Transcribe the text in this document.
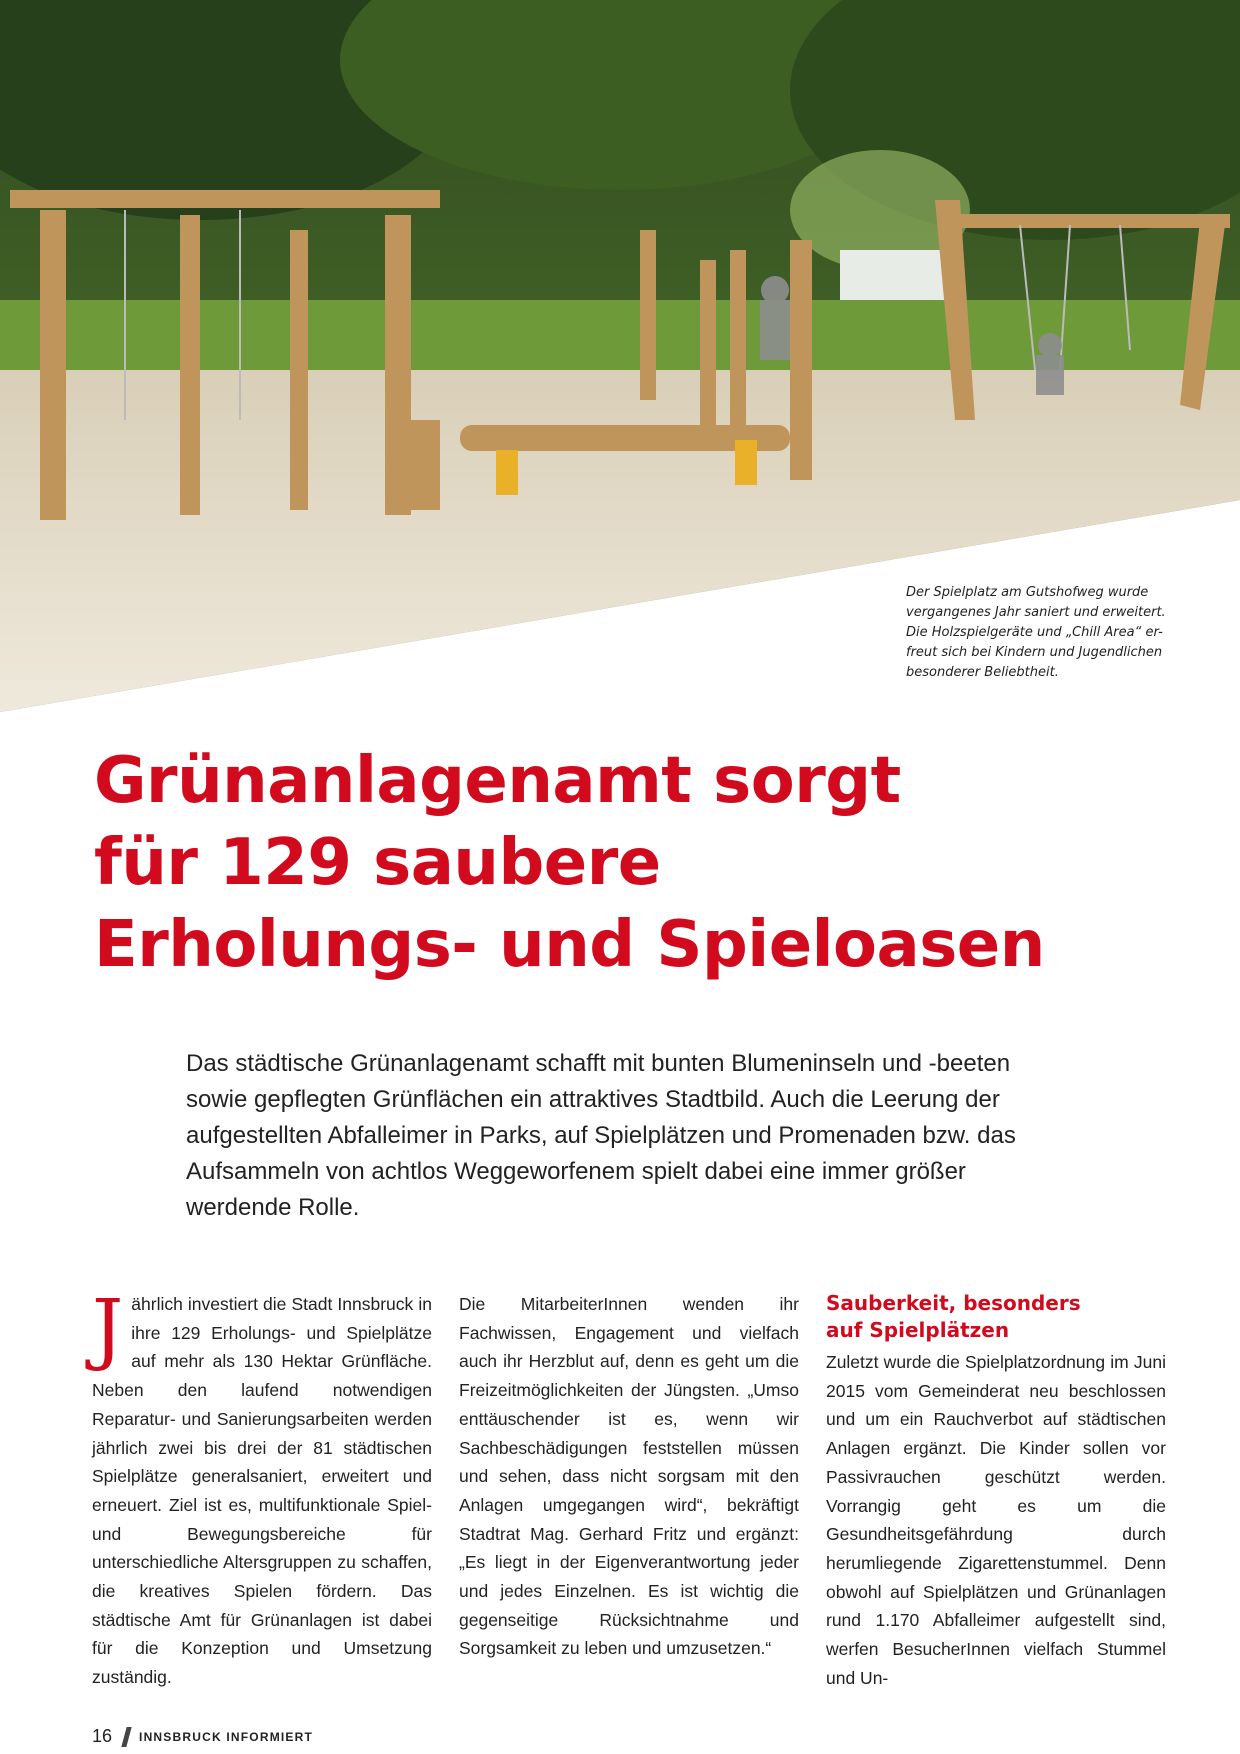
Der Spielplatz am Gutshofweg wurde
vergangenes Jahr saniert und erweitert.
Die Holzspielgeräte und „Chill Area“ er-
freut sich bei Kindern und Jugendlichen
besonderer Beliebtheit.
Grünanlagenamt sorgt
für 129 saubere
Erholungs- und Spieloasen

Das städtische Grünanlagenamt schafft mit bunten Blumeninseln und -beeten sowie gepflegten Grünflächen ein attraktives Stadtbild. Auch die Leerung der aufgestellten Abfalleimer in Parks, auf Spielplätzen und Promenaden bzw. das Aufsammeln von achtlos Weggeworfenem spielt dabei eine immer größer werdende Rolle.

J ährlich investiert die Stadt Innsbruck in ihre 129 Erholungs- und Spielplätze auf mehr als 130 Hektar Grünfläche. Neben den laufend notwendigen Reparatur- und Sanierungsarbeiten werden jährlich zwei bis drei der 81 städtischen Spielplätze generalsaniert, erweitert und erneuert. Ziel ist es, multifunktionale Spiel- und Bewegungsbereiche für unterschiedliche Altersgruppen zu schaffen, die kreatives Spielen fördern. Das städtische Amt für Grünanlagen ist dabei für die Konzeption und Umsetzung zuständig.
Die MitarbeiterInnen wenden ihr Fachwissen, Engagement und vielfach auch ihr Herzblut auf, denn es geht um die Freizeitmöglichkeiten der Jüngsten. „Umso enttäuschender ist es, wenn wir Sachbeschädigungen feststellen müssen und sehen, dass nicht sorgsam mit den Anlagen umgegangen wird“, bekräftigt Stadtrat Mag. Gerhard Fritz und ergänzt: „Es liegt in der Eigenverantwortung jeder und jedes Einzelnen. Es ist wichtig die gegenseitige Rücksichtnahme und Sorgsamkeit zu leben und umzusetzen.“
Sauberkeit, besonders
auf Spielplätzen
Zuletzt wurde die Spielplatzordnung im Juni 2015 vom Gemeinderat neu beschlossen und um ein Rauchverbot auf städtischen Anlagen ergänzt. Die Kinder sollen vor Passivrauchen geschützt werden. Vorrangig geht es um die Gesundheitsgefährdung durch herumliegende Zigarettenstummel. Denn obwohl auf Spielplätzen und Grünanlagen rund 1.170 Abfalleimer aufgestellt sind, werfen BesucherInnen vielfach Stummel und Un-
16 INNSBRUCK INFORMIERT
